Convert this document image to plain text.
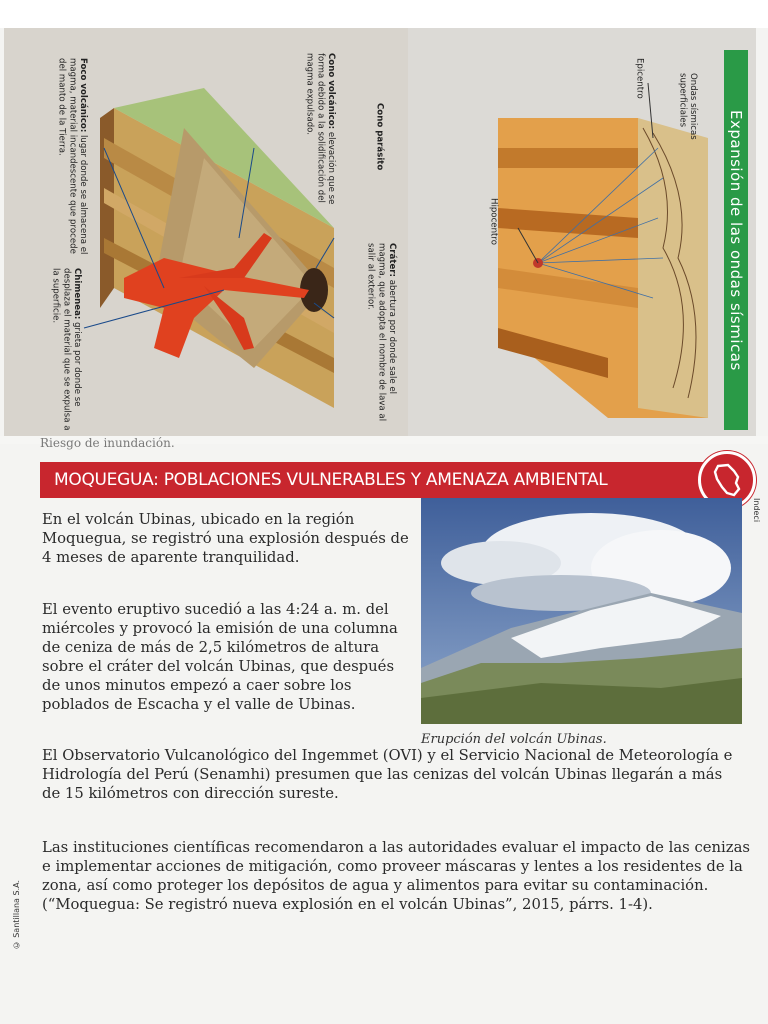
Cono parásito
Cono volcánico: elevación que se forma debido a la solidificación del magma expulsado.
Cráter: abertura por donde sale el magma, que adopta el nombre de lava al salir al exterior.
Foco volcánico: lugar donde se almacena el magma, material incandescente que procede del manto de la Tierra.
Chimenea: grieta por donde se desplaza el material que se expulsa a la superficie.
Ondas sísmicas superficiales
Epicentro
Hipocentro	Expansión de las ondas sísmicas
Riesgo de inundación.
MOQUEGUA: POBLACIONES VULNERABLES Y AMENAZA AMBIENTAL
Indeci
En el volcán Ubinas, ubicado en la región Moquegua, se registró una explosión después de 4 meses de aparente tranquilidad.
El evento eruptivo sucedió a las 4:24 a. m. del miércoles y provocó la emisión de una columna de ceniza de más de 2,5 kilómetros de altura sobre el cráter del volcán Ubinas, que después de unos minutos empezó a caer sobre los poblados de Escacha y el valle de Ubinas.
Erupción del volcán Ubinas.
El Observatorio Vulcanológico del Ingemmet (OVI) y el Servicio Nacional de Meteorología e Hidrología del Perú (Senamhi) presumen que las cenizas del volcán Ubinas llegarán a más de 15 kilómetros con dirección sureste.
Las instituciones científicas recomendaron a las autoridades evaluar el impacto de las cenizas e implementar acciones de mitigación, como proveer máscaras y lentes a los residentes de la zona, así como proteger los depósitos de agua y alimentos para evitar su contaminación. (“Moquegua: Se registró nueva explosión en el volcán Ubinas”, 2015, párrs. 1-4).
© Santillana S.A.
